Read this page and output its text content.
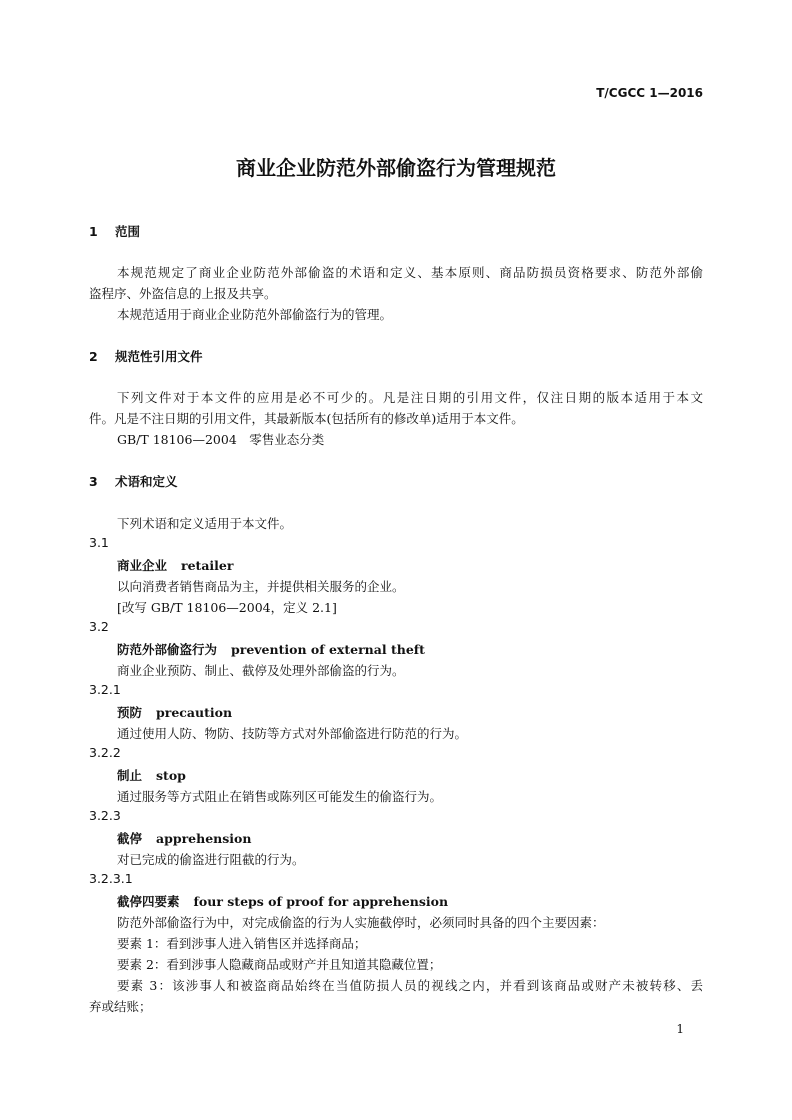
T/CGCC 1—2016
商业企业防范外部偷盗行为管理规范
1 范围
本规范规定了商业企业防范外部偷盗的术语和定义、基本原则、商品防损员资格要求、防范外部偷
盗程序、外盗信息的上报及共享。
本规范适用于商业企业防范外部偷盗行为的管理。
2 规范性引用文件
下列文件对于本文件的应用是必不可少的。凡是注日期的引用文件，仅注日期的版本适用于本文
件。凡是不注日期的引用文件，其最新版本(包括所有的修改单)适用于本文件。
GB/T 18106—2004　零售业态分类
3 术语和定义
下列术语和定义适用于本文件。
3.1
商业企业 retailer
以向消费者销售商品为主，并提供相关服务的企业。
[改写 GB/T 18106—2004，定义 2.1]
3.2
防范外部偷盗行为 prevention of external theft
商业企业预防、制止、截停及处理外部偷盗的行为。
3.2.1
预防 precaution
通过使用人防、物防、技防等方式对外部偷盗进行防范的行为。
3.2.2
制止 stop
通过服务等方式阻止在销售或陈列区可能发生的偷盗行为。
3.2.3
截停 apprehension
对已完成的偷盗进行阻截的行为。
3.2.3.1
截停四要素 four steps of proof for apprehension
防范外部偷盗行为中，对完成偷盗的行为人实施截停时，必须同时具备的四个主要因素：
要素 1：看到涉事人进入销售区并选择商品；
要素 2：看到涉事人隐藏商品或财产并且知道其隐藏位置；
要素 3：该涉事人和被盗商品始终在当值防损人员的视线之内，并看到该商品或财产未被转移、丢
弃或结账；
1
